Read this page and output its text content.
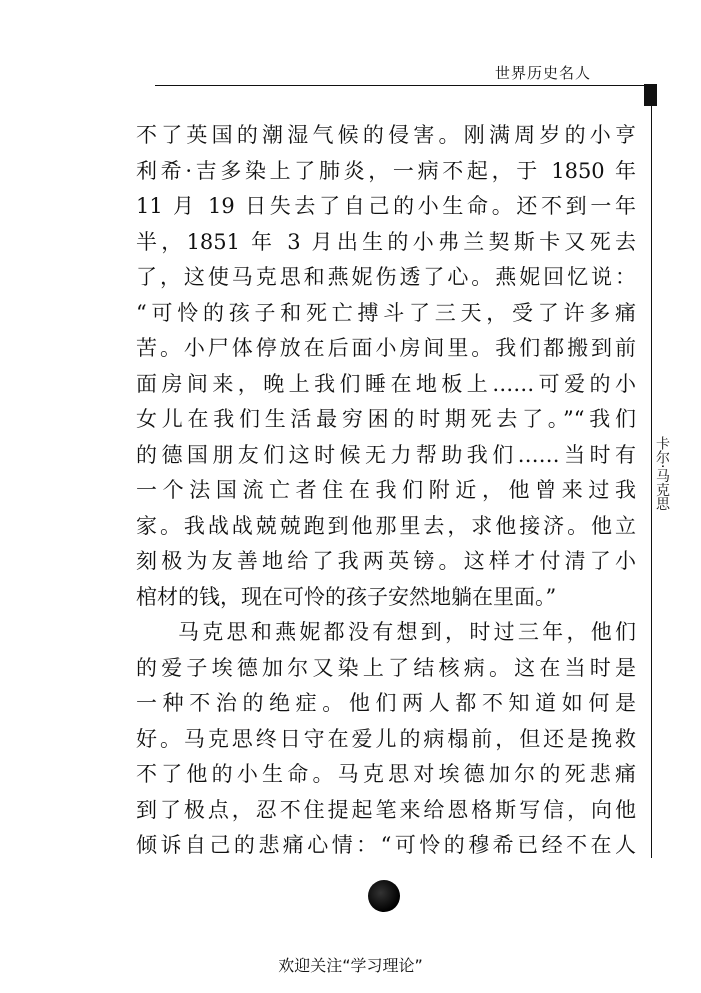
世界历史名人
卡尔·马克思
不了英国的潮湿气候的侵害。刚满周岁的小亨
利希·吉多染上了肺炎，一病不起，于 1850 年
11 月 19 日失去了自己的小生命。还不到一年
半，1851 年 3 月出生的小弗兰契斯卡又死去
了，这使马克思和燕妮伤透了心。燕妮回忆说：
“可怜的孩子和死亡搏斗了三天，受了许多痛
苦。小尸体停放在后面小房间里。我们都搬到前
面房间来，晚上我们睡在地板上……可爱的小
女儿在我们生活最穷困的时期死去了。”“我们
的德国朋友们这时候无力帮助我们……当时有
一个法国流亡者住在我们附近，他曾来过我
家。我战战兢兢跑到他那里去，求他接济。他立
刻极为友善地给了我两英镑。这样才付清了小
棺材的钱，现在可怜的孩子安然地躺在里面。”
马克思和燕妮都没有想到，时过三年，他们
的爱子埃德加尔又染上了结核病。这在当时是
一种不治的绝症。他们两人都不知道如何是
好。马克思终日守在爱儿的病榻前，但还是挽救
不了他的小生命。马克思对埃德加尔的死悲痛
到了极点，忍不住提起笔来给恩格斯写信，向他
倾诉自己的悲痛心情：“可怜的穆希已经不在人
欢迎关注“学习理论”
